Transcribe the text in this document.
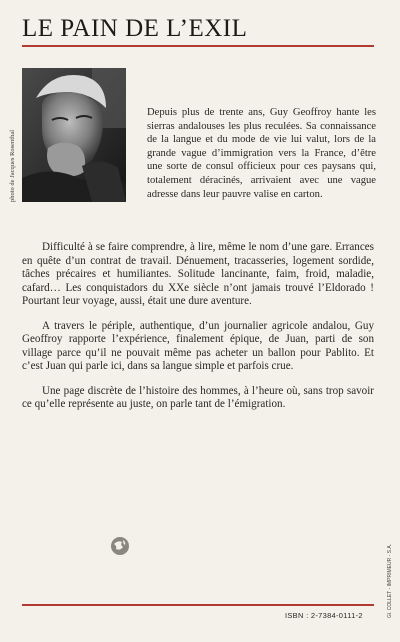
LE PAIN DE L’EXIL
photo de Jacques Rosenthal

Depuis plus de trente ans, Guy Geoffroy hante les sierras andalouses les plus reculées. Sa connaissance de la langue et du mode de vie lui valut, lors de la grande vague d’immigration vers la France, d’être une sorte de consul officieux pour ces paysans qui, totalement déracinés, arrivaient avec une vague adresse dans leur pauvre valise en carton.

Difficulté à se faire comprendre, à lire, même le nom d’une gare. Errances en quête d’un contrat de travail. Dénuement, tracasseries, logement sordide, tâches précaires et humiliantes. Solitude lancinante, faim, froid, maladie, cafard… Les conquistadors du XXe siècle n’ont jamais trouvé l’Eldorado ! Pourtant leur voyage, aussi, était une dure aventure.

A travers le périple, authentique, d’un journalier agricole andalou, Guy Geoffroy rapporte l’expérience, finalement épique, de Juan, parti de son village parce qu’il ne pouvait même pas acheter un ballon pour Pablito. Et c’est Juan qui parle ici, dans sa langue simple et parfois crue.

Une page discrète de l’histoire des hommes, à l’heure où, sans trop savoir ce qu’elle représente au juste, on parle tant de l’émigration.

ISBN : 2-7384-0111-2	Gl. COLLET - IMPRIMEUR - S.A.
